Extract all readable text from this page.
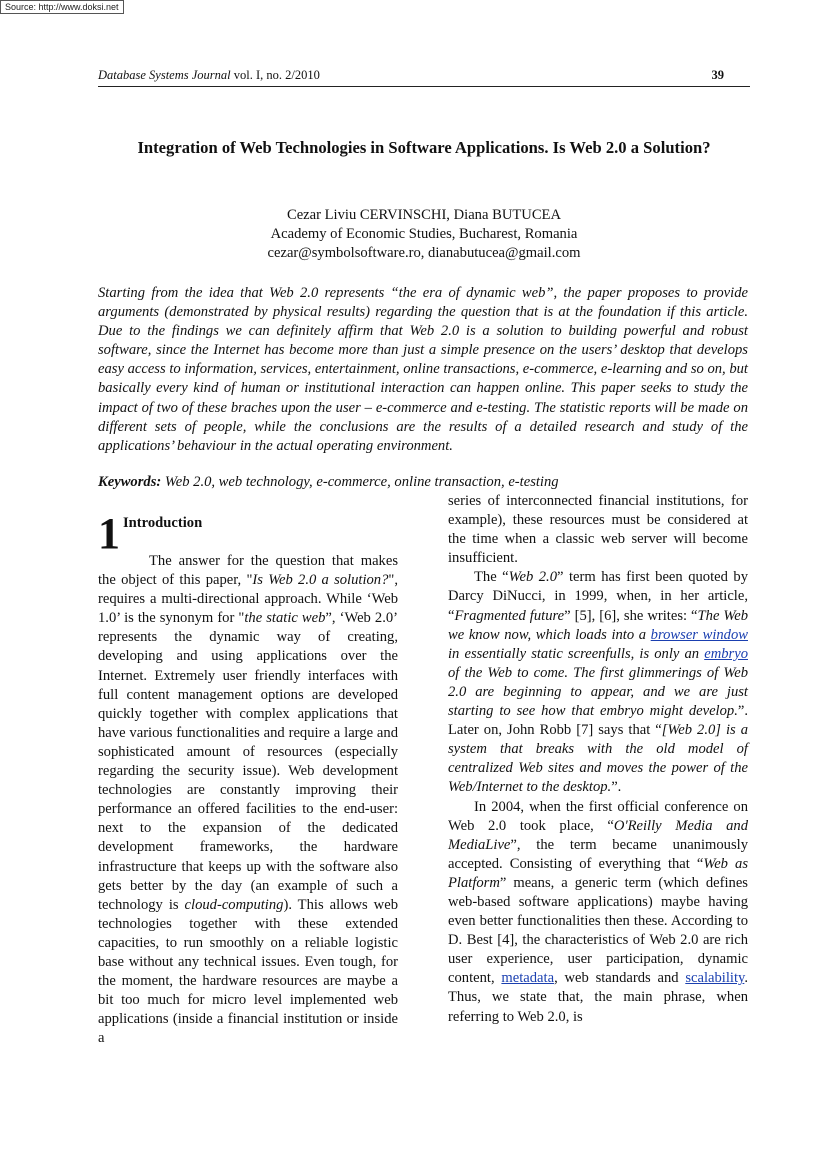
Source: http://www.doksi.net
Database Systems Journal vol. I, no. 2/2010	39
Integration of Web Technologies in Software Applications. Is Web 2.0 a Solution?
Cezar Liviu CERVINSCHI, Diana BUTUCEA
Academy of Economic Studies, Bucharest, Romania
cezar@symbolsoftware.ro, dianabutucea@gmail.com

Starting from the idea that Web 2.0 represents “the era of dynamic web”, the paper proposes to provide arguments (demonstrated by physical results) regarding the question that is at the foundation if this article. Due to the findings we can definitely affirm that Web 2.0 is a solution to building powerful and robust software, since the Internet has become more than just a simple presence on the users’ desktop that develops easy access to information, services, entertainment, online transactions, e-commerce, e-learning and so on, but basically every kind of human or institutional interaction can happen online. This paper seeks to study the impact of two of these braches upon the user – e-commerce and e-testing. The statistic reports will be made on different sets of people, while the conclusions are the results of a detailed research and study of the applications’ behaviour in the actual operating environment.

Keywords: Web 2.0, web technology, e-commerce, online transaction, e-testing
1 Introduction

The answer for the question that makes the object of this paper, "Is Web 2.0 a solution?", requires a multi-directional approach. While ‘Web 1.0’ is the synonym for "the static web”, ‘Web 2.0’ represents the dynamic way of creating, developing and using applications over the Internet. Extremely user friendly interfaces with full content management options are developed quickly together with complex applications that have various functionalities and require a large and sophisticated amount of resources (especially regarding the security issue). Web development technologies are constantly improving their performance an offered facilities to the end-user: next to the expansion of the dedicated development frameworks, the hardware infrastructure that keeps up with the software also gets better by the day (an example of such a technology is cloud-computing). This allows web technologies together with these extended capacities, to run smoothly on a reliable logistic base without any technical issues. Even tough, for the moment, the hardware resources are maybe a bit too much for micro level implemented web applications (inside a financial institution or inside a

series of interconnected financial institutions, for example), these resources must be considered at the time when a classic web server will become insufficient.

The “Web 2.0” term has first been quoted by Darcy DiNucci, in 1999, when, in her article, “Fragmented future” [5], [6], she writes: “The Web we know now, which loads into a browser window in essentially static screenfulls, is only an embryo of the Web to come. The first glimmerings of Web 2.0 are beginning to appear, and we are just starting to see how that embryo might develop.”. Later on, John Robb [7] says that “[Web 2.0] is a system that breaks with the old model of centralized Web sites and moves the power of the Web/Internet to the desktop.”.

In 2004, when the first official conference on Web 2.0 took place, “O'Reilly Media and MediaLive”, the term became unanimously accepted. Consisting of everything that “Web as Platform” means, a generic term (which defines web-based software applications) maybe having even better functionalities then these. According to D. Best [4], the characteristics of Web 2.0 are rich user experience, user participation, dynamic content, metadata, web standards and scalability. Thus, we state that, the main phrase, when referring to Web 2.0, is
